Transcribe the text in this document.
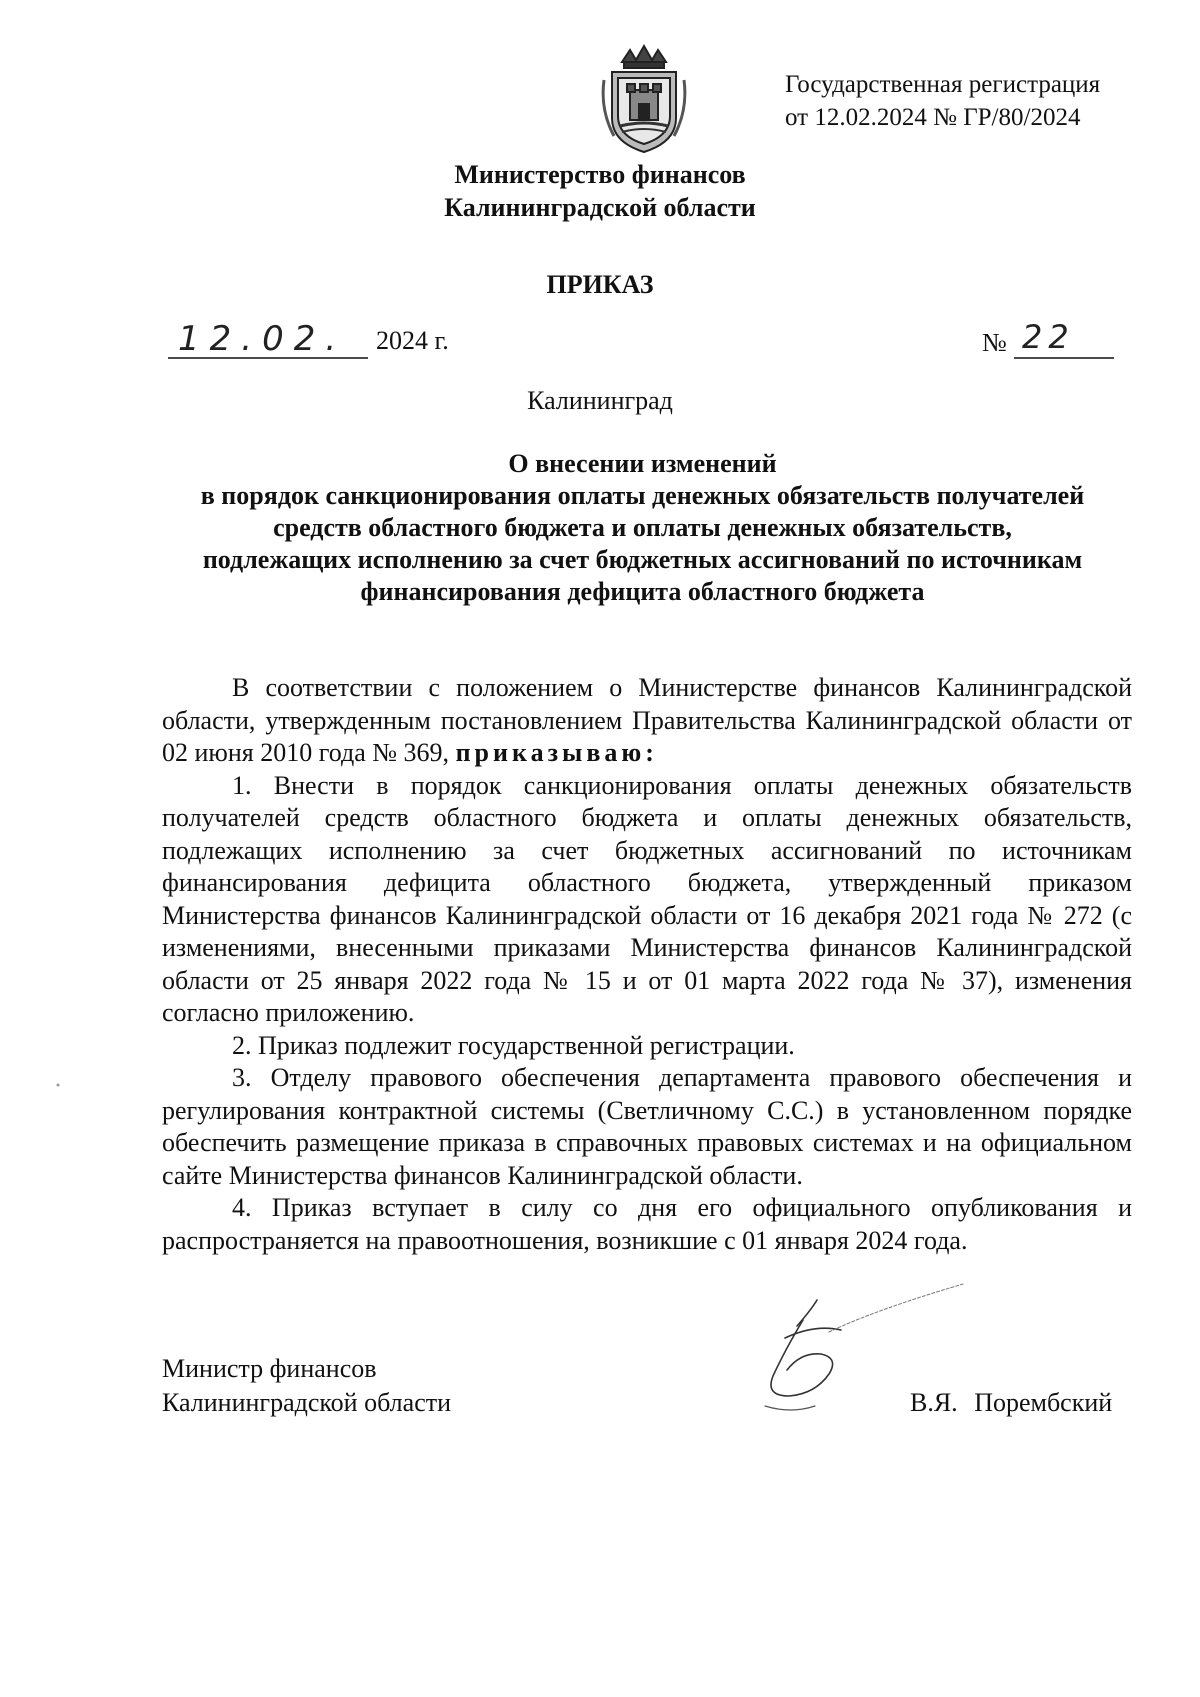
Государственная регистрация
от 12.02.2024 № ГР/80/2024
Министерство финансов
Калининградской области
ПРИКАЗ
12.02. 2024 г.	№ 22
Калининград
О внесении изменений
в порядок санкционирования оплаты денежных обязательств получателей
средств областного бюджета и оплаты денежных обязательств,
подлежащих исполнению за счет бюджетных ассигнований по источникам
финансирования дефицита областного бюджета

В соответствии с положением о Министерстве финансов Калининградской области, утвержденным постановлением Правительства Калининградской области от 02 июня 2010 года № 369, приказываю:

1. Внести в порядок санкционирования оплаты денежных обязательств получателей средств областного бюджета и оплаты денежных обязательств, подлежащих исполнению за счет бюджетных ассигнований по источникам финансирования дефицита областного бюджета, утвержденный приказом Министерства финансов Калининградской области от 16 декабря 2021 года № 272 (с изменениями, внесенными приказами Министерства финансов Калининградской области от 25 января 2022 года № 15 и от 01 марта 2022 года № 37), изменения согласно приложению.

2. Приказ подлежит государственной регистрации.

3. Отделу правового обеспечения департамента правового обеспечения и регулирования контрактной системы (Светличному С.С.) в установленном порядке обеспечить размещение приказа в справочных правовых системах и на официальном сайте Министерства финансов Калининградской области.

4. Приказ вступает в силу со дня его официального опубликования и распространяется на правоотношения, возникшие с 01 января 2024 года.

Министр финансов
Калининградской области	В.Я. Порембский
